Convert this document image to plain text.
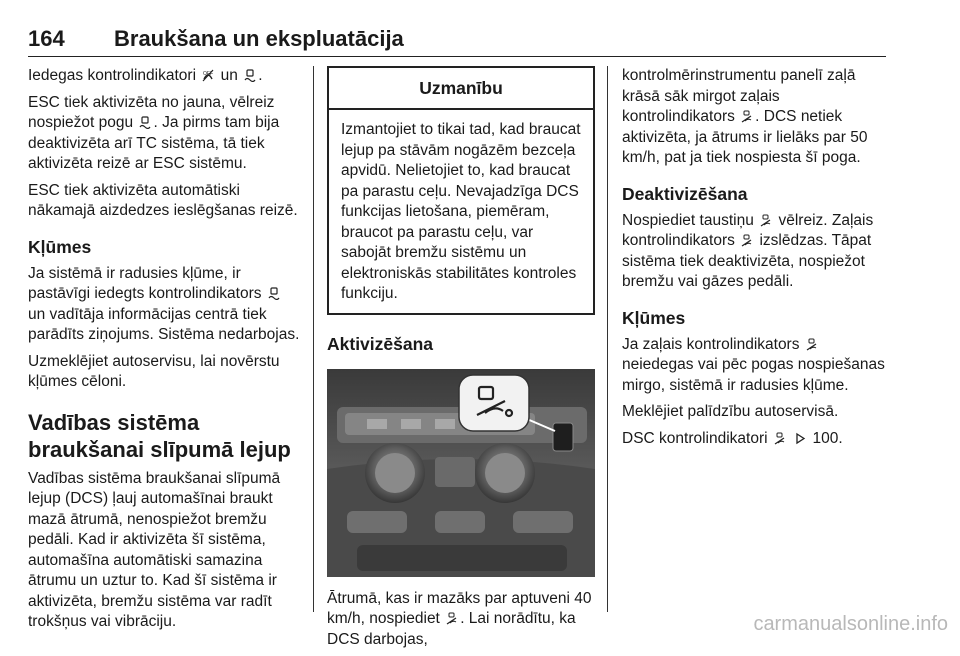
164 Braukšana un ekspluatācija

Iedegas kontrolindikatori OFF un .

ESC tiek aktivizēta no jauna, vēlreiz nospiežot pogu . Ja pirms tam bija deaktivizēta arī TC sistēma, tā tiek aktivizēta reizē ar ESC sistēmu.

ESC tiek aktivizēta automātiski nākamajā aizdedzes ieslēgšanas reizē.

Kļūmes

Ja sistēmā ir radusies kļūme, ir pastāvīgi iedegts kontrolindikators  un vadītāja informācijas centrā tiek parādīts ziņojums. Sistēma nedarbojas.

Uzmeklējiet autoservisu, lai novērstu kļūmes cēloni.

Vadības sistēma braukšanai slīpumā lejup

Vadības sistēma braukšanai slīpumā lejup (DCS) ļauj automašīnai braukt mazā ātrumā, nenospiežot bremžu pedāli. Kad ir aktivizēta šī sistēma, automašīna automātiski samazina ātrumu un uztur to. Kad šī sistēma ir aktivizēta, bremžu sistēma var radīt trokšņus vai vibrāciju.

Uzmanību

Izmantojiet to tikai tad, kad braucat lejup pa stāvām nogāzēm bezceļa apvidū. Nelietojiet to, kad braucat pa parastu ceļu. Nevajadzīga DCS funkcijas lietošana, piemēram, braucot pa parastu ceļu, var sabojāt bremžu sistēmu un elektroniskās stabilitātes kontroles funkciju.

Aktivizēšana

Ātrumā, kas ir mazāks par aptuveni 40 km/h, nospiediet . Lai norādītu, ka DCS darbojas,

kontrolmērinstrumentu panelī zaļā krāsā sāk mirgot zaļais kontrolindikators . DCS netiek aktivizēta, ja ātrums ir lielāks par 50 km/h, pat ja tiek nospiesta šī poga.

Deaktivizēšana

Nospiediet taustiņu vēlreiz. Zaļais kontrolindikators izslēdzas. Tāpat sistēma tiek deaktivizēta, nospiežot bremžu vai gāzes pedāli.

Kļūmes

Ja zaļais kontrolindikators  neiedegas vai pēc pogas nospiešanas mirgo, sistēmā ir radusies kļūme.

Meklējiet palīdzību autoservisā.

DSC kontrolindikatori	100.

carmanualsonline.info
